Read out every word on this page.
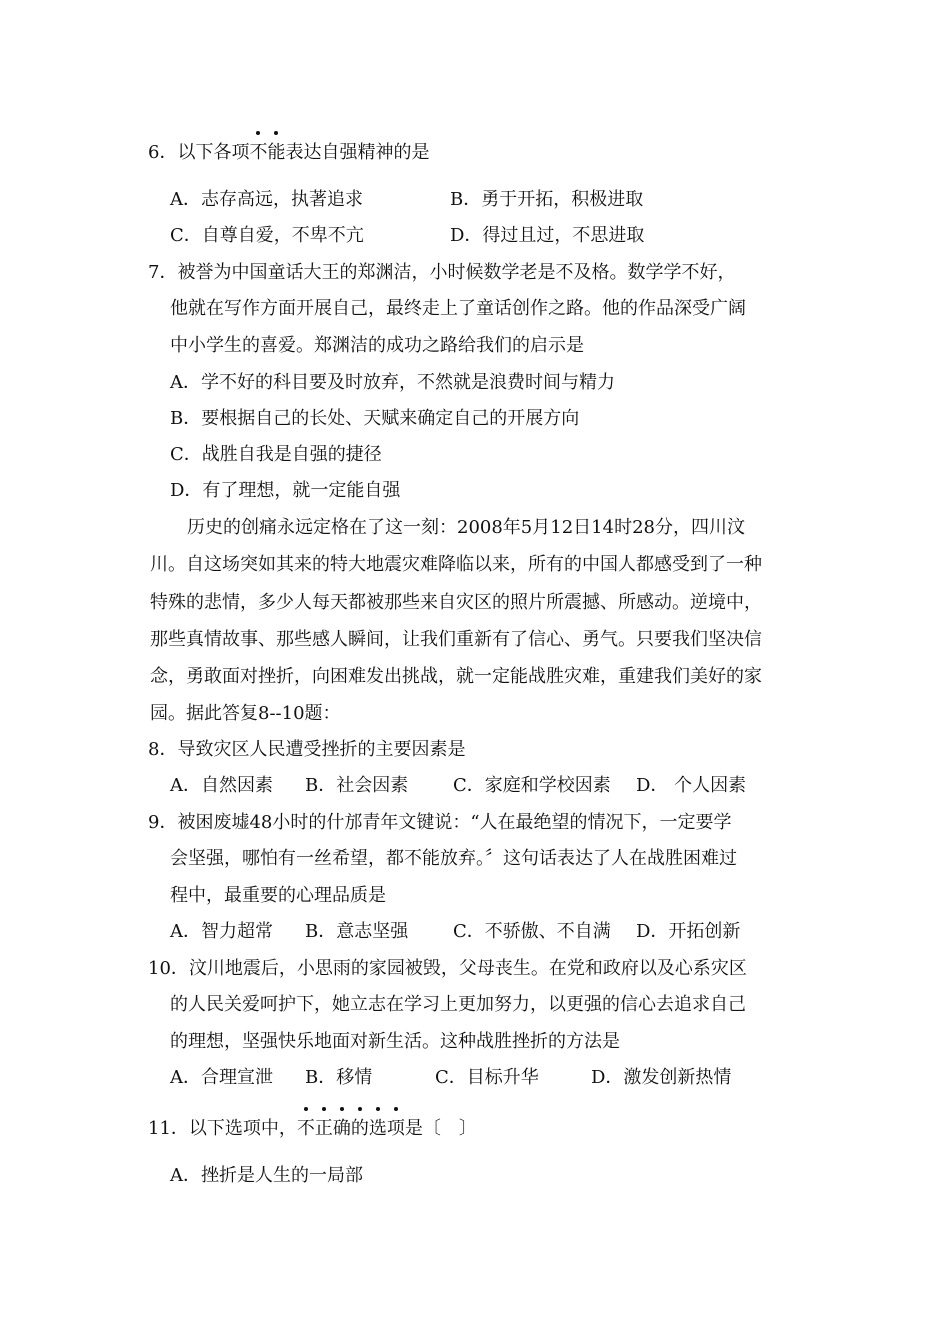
6．以下各项不能表达自强精神的是
A．志存高远，执著追求	B．勇于开拓，积极进取
C．自尊自爱，不卑不亢	D．得过且过，不思进取
7．被誉为中国童话大王的郑渊洁，小时候数学老是不及格。数学学不好，
他就在写作方面开展自己，最终走上了童话创作之路。他的作品深受广阔
中小学生的喜爱。郑渊洁的成功之路给我们的启示是
A．学不好的科目要及时放弃，不然就是浪费时间与精力
B．要根据自己的长处、天赋来确定自己的开展方向
C．战胜自我是自强的捷径
D．有了理想，就一定能自强
历史的创痛永远定格在了这一刻：2008年5月12日14时28分，四川汶
川。自这场突如其来的特大地震灾难降临以来，所有的中国人都感受到了一种
特殊的悲情，多少人每天都被那些来自灾区的照片所震撼、所感动。逆境中，
那些真情故事、那些感人瞬间，让我们重新有了信心、勇气。只要我们坚决信
念，勇敢面对挫折，向困难发出挑战，就一定能战胜灾难，重建我们美好的家
园。据此答复8--10题：
8．导致灾区人民遭受挫折的主要因素是
A．自然因素 B．社会因素 C．家庭和学校因素 D． 个人因素
9．被困废墟48小时的什邡青年文键说：“人在最绝望的情况下，一定要学
会坚强，哪怕有一丝希望，都不能放弃。〞这句话表达了人在战胜困难过
程中，最重要的心理品质是
A．智力超常 B．意志坚强 C．不骄傲、不自满 D．开拓创新
10．汶川地震后，小思雨的家园被毁，父母丧生。在党和政府以及心系灾区
的人民关爱呵护下，她立志在学习上更加努力，以更强的信心去追求自己
的理想，坚强快乐地面对新生活。这种战胜挫折的方法是
A．合理宣泄 B．移情	C．目标升华	D．激发创新热情
11．以下选项中，不正确的选项是〔　〕
A．挫折是人生的一局部
